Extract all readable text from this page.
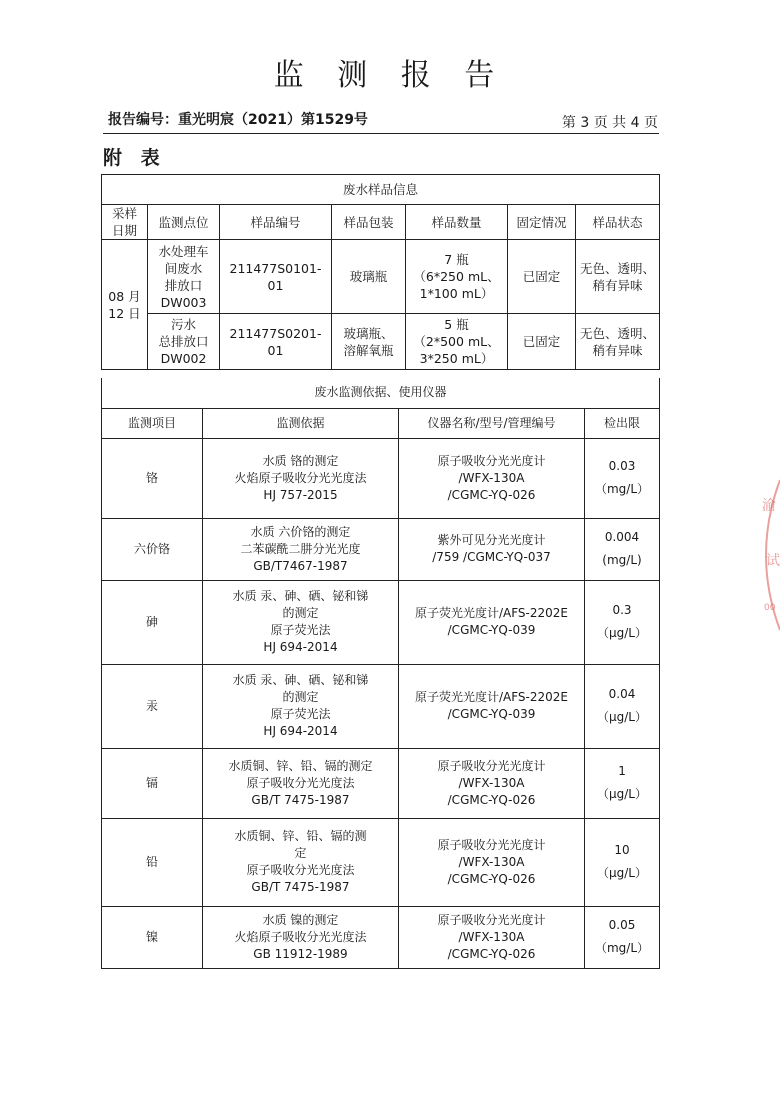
监 测 报 告
报告编号：重光明宸（2021）第1529号	第 3 页 共 4 页
附 表
废水样品信息						

采样
日期	监测点位	样品编号	样品包装	样品数量	固定情况	样品状态

08 月
12 日	水处理车
间废水
排放口
DW003	211477S0101-01	玻璃瓶	7 瓶
（6*250 mL、
1*100 mL）	已固定	无色、透明、
稍有异味

	污水
总排放口
DW002	211477S0201-01	玻璃瓶、
溶解氧瓶	5 瓶
（2*500 mL、
3*250 mL）	已固定	无色、透明、
稍有异味
废水监测依据、使用仪器			
监测项目	监测依据	仪器名称/型号/管理编号	检出限
铬	水质 铬的测定
火焰原子吸收分光光度法
HJ 757-2015	原子吸收分光光度计
/WFX-130A
/CGMC-YQ-026	0.03
（mg/L）

六价铬	水质 六价铬的测定
二苯碳酰二肼分光光度
GB/T7467-1987	紫外可见分光光度计
/759 /CGMC-YQ-037	0.004
(mg/L)

砷	水质 汞、砷、硒、铋和锑
的测定
原子荧光法
HJ 694-2014	原子荧光光度计/AFS-2202E
/CGMC-YQ-039	0.3
（μg/L）

汞	水质 汞、砷、硒、铋和锑
的测定
原子荧光法
HJ 694-2014	原子荧光光度计/AFS-2202E
/CGMC-YQ-039	0.04
（μg/L）

镉	水质铜、锌、铅、镉的测定
原子吸收分光光度法
GB/T 7475-1987	原子吸收分光光度计
/WFX-130A
/CGMC-YQ-026	1
（μg/L）

铅	水质铜、锌、铅、镉的测
定
原子吸收分光光度法
GB/T 7475-1987	原子吸收分光光度计
/WFX-130A
/CGMC-YQ-026	10
（μg/L）

镍	水质 镍的测定
火焰原子吸收分光光度法
GB 11912-1989	原子吸收分光光度计
/WFX-130A
/CGMC-YQ-026	0.05
（mg/L）
渝
试
00
